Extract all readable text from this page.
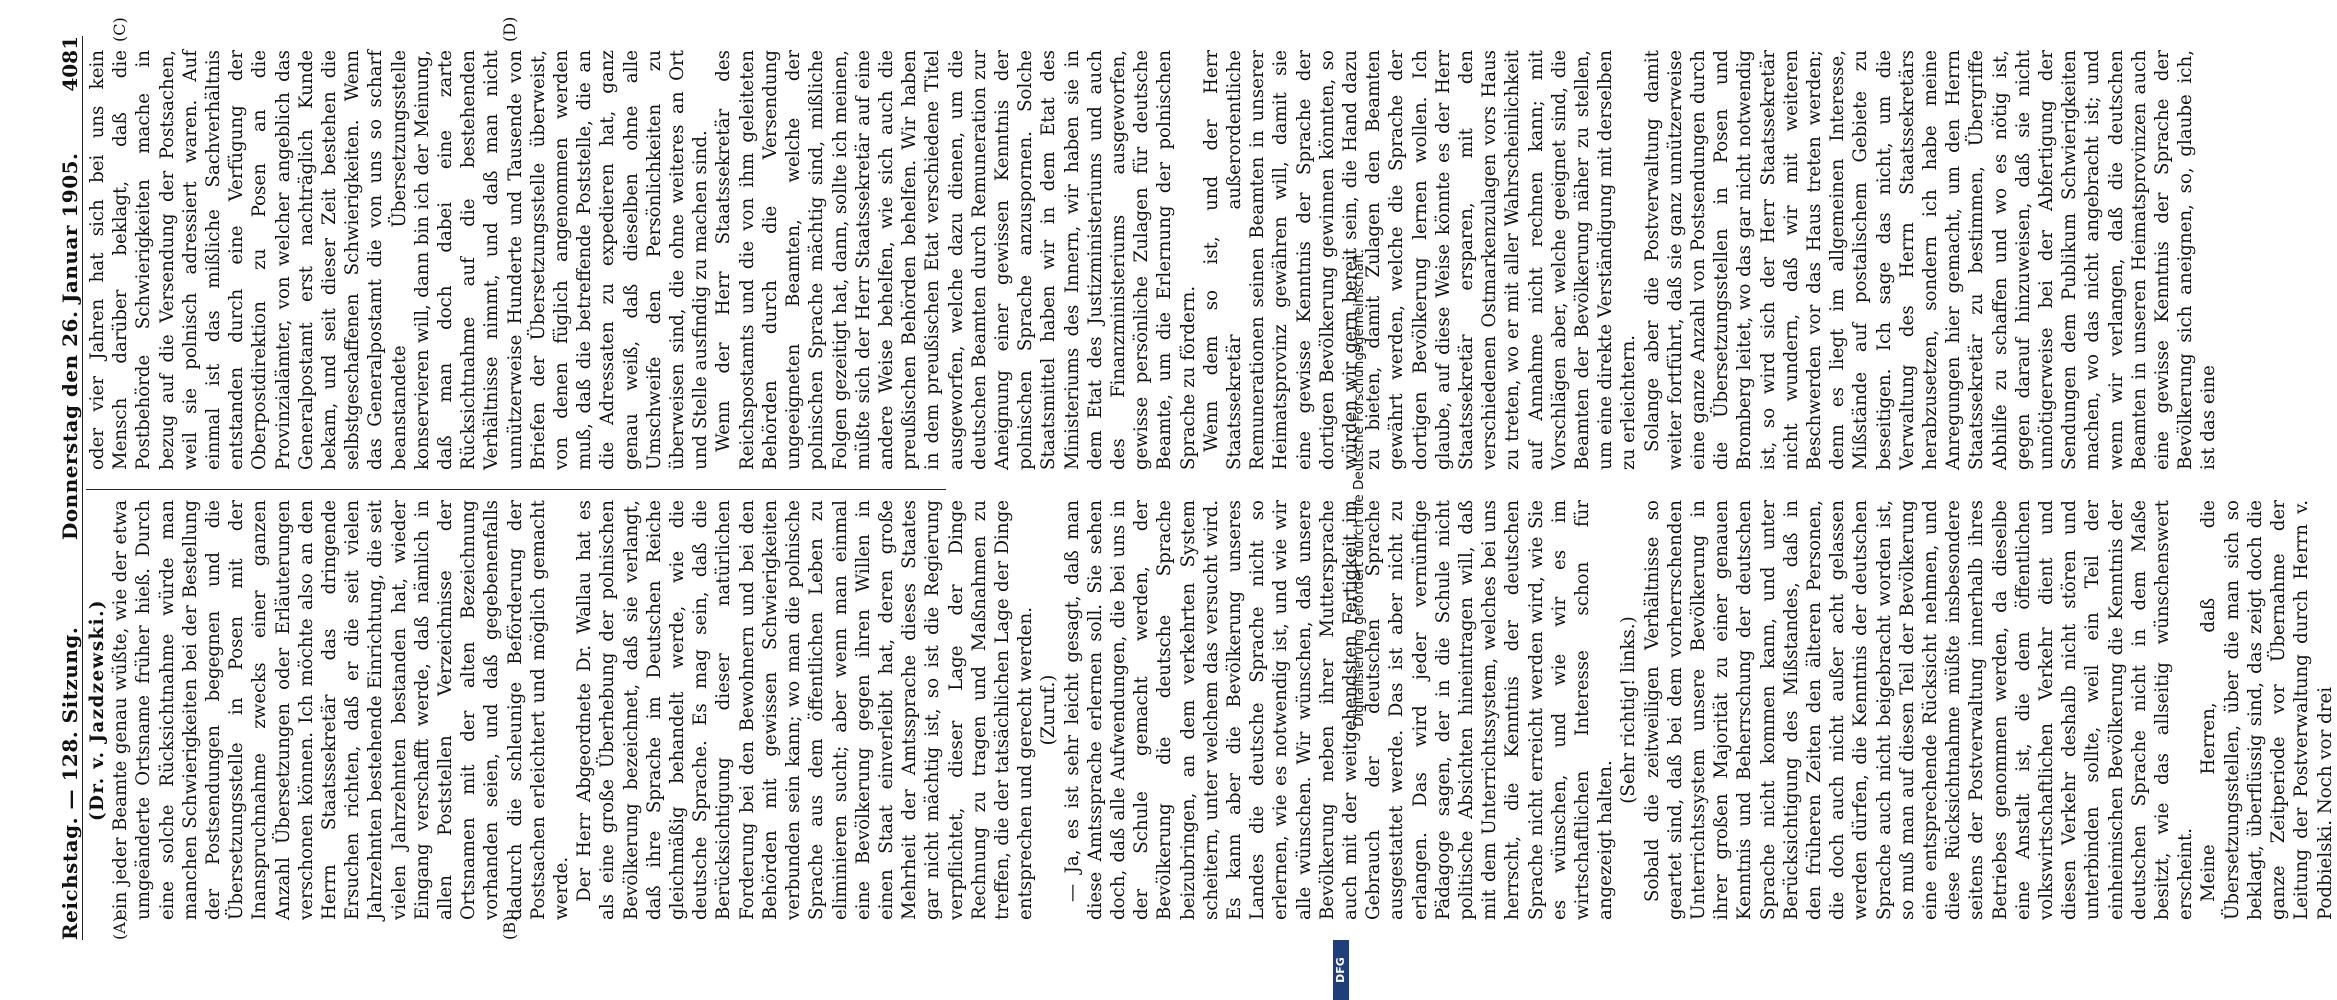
Reichstag. — 128. Sitzung.
Donnerstag den 26. Januar 1905.
4081

(Dr. v. Jazdzewski.) ein jeder Beamte genau wüßte, wie der etwa umgeänderte Ortsname früher hieß. Durch eine solche Rücksichtnahme würde man manchen Schwierigkeiten bei der Bestellung der Postsendungen begegnen und die Übersetzungsstelle in Posen mit der Inanspruchnahme zwecks einer ganzen Anzahl Übersetzungen oder Erläuterungen verschonen können. Ich möchte also an den Herrn Staatssekretär das dringende Ersuchen richten, daß er die seit vielen Jahrzehnten bestehende Einrichtung, die seit vielen Jahrzehnten bestanden hat, wieder Eingang verschafft werde, daß nämlich in allen Poststellen Verzeichnisse der Ortsnamen mit der alten Bezeichnung vorhanden seien, und daß gegebenenfalls dadurch die schleunige Beförderung der Postsachen erleichtert und möglich gemacht werde. Der Herr Abgeordnete Dr. Wallau hat es als eine große Überhebung der polnischen Bevölkerung bezeichnet, daß sie verlangt, daß ihre Sprache im Deutschen Reiche gleichmäßig behandelt werde, wie die deutsche Sprache. Es mag sein, daß die Berücksichtigung dieser natürlichen Forderung bei den Bewohnern und bei den Behörden mit gewissen Schwierigkeiten verbunden sein kann; wo man die polnische Sprache aus dem öffentlichen Leben zu eliminieren sucht; aber wenn man einmal eine Bevölkerung gegen ihren Willen in einen Staat einverleibt hat, deren große Mehrheit der Amtssprache dieses Staates gar nicht mächtig ist, so ist die Regierung verpflichtet, dieser Lage der Dinge Rechnung zu tragen und Maßnahmen zu treffen, die der tatsächlichen Lage der Dinge entsprechen und gerecht werden. (Zuruf.) — Ja, es ist sehr leicht gesagt, daß man diese Amtssprache erlernen soll. Sie sehen doch, daß alle Aufwendungen, die bei uns in der Schule gemacht werden, der Bevölkerung die deutsche Sprache beizubringen, an dem verkehrten System scheitern, unter welchem das versucht wird. Es kann aber die Bevölkerung unseres Landes die deutsche Sprache nicht so erlernen, wie es notwendig ist, und wie wir alle wünschen. Wir wünschen, daß unsere Bevölkerung neben ihrer Muttersprache auch mit der weitgehendsten Fertigkeit im Gebrauch der deutschen Sprache ausgestattet werde. Das ist aber nicht zu erlangen. Das wird jeder vernünftige Pädagoge sagen, der in die Schule nicht politische Absichten hineintragen will, daß mit dem Unterrichtssystem, welches bei uns herrscht, die Kenntnis der deutschen Sprache nicht erreicht werden wird, wie Sie es wünschen, und wie wir es im wirtschaftlichen Interesse schon für angezeigt halten.

(Sehr richtig! links.) Sobald die zeitweiligen Verhältnisse so geartet sind, daß bei dem vorherrschenden Unterrichtssystem unsere Bevölkerung in ihrer großen Majorität zu einer genauen Kenntnis und Beherrschung der deutschen Sprache nicht kommen kann, und unter Berücksichtigung des Mißstandes, daß in den früheren Zeiten den älteren Personen, die doch auch nicht außer acht gelassen werden dürfen, die Kenntnis der deutschen Sprache auch nicht beigebracht worden ist, so muß man auf diesen Teil der Bevölkerung eine entsprechende Rücksicht nehmen, und diese Rücksichtnahme müßte insbesondere seitens der Postverwaltung innerhalb ihres Betriebes genommen werden, da dieselbe eine Anstalt ist, die dem öffentlichen volkswirtschaftlichen Verkehr dient und diesen Verkehr deshalb nicht stören und unterbinden sollte, weil ein Teil der einheimischen Bevölkerung die Kenntnis der deutschen Sprache nicht in dem Maße besitzt, wie das allseitig wünschenswert erscheint. Meine Herren, daß die Übersetzungsstellen, über die man sich so beklagt, überflüssig sind, das zeigt doch die ganze Zeitperiode vor Übernahme der Leitung der Postverwaltung durch Herrn v. Podbielski. Noch vor drei

oder vier Jahren hat sich bei uns kein Mensch darüber beklagt, daß die Postbehörde Schwierigkeiten mache in bezug auf die Versendung der Postsachen, weil sie polnisch adressiert waren. Auf einmal ist das mißliche Sachverhältnis entstanden durch eine Verfügung der Oberpostdirektion zu Posen an die Provinzialämter, von welcher angeblich das Generalpostamt erst nachträglich Kunde bekam, und seit dieser Zeit bestehen die selbstgeschaffenen Schwierigkeiten. Wenn das Generalpostamt die von uns so scharf beanstandete Übersetzungsstelle konservieren will, dann bin ich der Meinung, daß man doch dabei eine zarte Rücksichtnahme auf die bestehenden Verhältnisse nimmt, und daß man nicht unnützerweise Hunderte und Tausende von Briefen der Übersetzungsstelle überweist, von denen füglich angenommen werden muß, daß die betreffende Poststelle, die an die Adressaten zu expedieren hat, ganz genau weiß, daß dieselben ohne alle Umschweife den Persönlichkeiten zu überweisen sind, die ohne weiteres an Ort und Stelle ausfindig zu machen sind. Wenn der Herr Staatssekretär des Reichspostamts und die von ihm geleiteten Behörden durch die Versendung ungeeigneten Beamten, welche der polnischen Sprache mächtig sind, mißliche Folgen gezeitigt hat, dann, sollte ich meinen, müßte sich der Herr Staatssekretär auf eine andere Weise behelfen, wie sich auch die preußischen Behörden behelfen. Wir haben in dem preußischen Etat verschiedene Titel ausgeworfen, welche dazu dienen, um die deutschen Beamten durch Remuneration zur Aneignung einer gewissen Kenntnis der polnischen Sprache anzuspornen. Solche Staatsmittel haben wir in dem Etat des Ministeriums des Innern, wir haben sie in dem Etat des Justizministeriums und auch des Finanzministeriums ausgeworfen, gewisse persönliche Zulagen für deutsche Beamte, um die Erlernung der polnischen Sprache zu fördern. Wenn dem so ist, und der Herr Staatssekretär außerordentliche Remunerationen seinen Beamten in unserer Heimatsprovinz gewähren will, damit sie eine gewisse Kenntnis der Sprache der dortigen Bevölkerung gewinnen könnten, so würden wir gern bereit sein, die Hand dazu zu bieten, damit Zulagen den Beamten gewährt werden, welche die Sprache der dortigen Bevölkerung lernen wollen. Ich glaube, auf diese Weise könnte es der Herr Staatssekretär ersparen, mit den verschiedenen Ostmarkenzulagen vors Haus zu treten, wo er mit aller Wahrscheinlichkeit auf Annahme nicht rechnen kann; mit Vorschlägen aber, welche geeignet sind, die Beamten der Bevölkerung näher zu stellen, um eine direkte Verständigung mit derselben zu erleichtern. Solange aber die Postverwaltung damit weiter fortführt, daß sie ganz unnützerweise eine ganze Anzahl von Postsendungen durch die Übersetzungsstellen in Posen und Bromberg leitet, wo das gar nicht notwendig ist, so wird sich der Herr Staatssekretär nicht wundern, daß wir mit weiteren Beschwerden vor das Haus treten werden; denn es liegt im allgemeinen Interesse, Mißstände auf postalischem Gebiete zu beseitigen. Ich sage das nicht, um die Verwaltung des Herrn Staatssekretärs herabzusetzen, sondern ich habe meine Anregungen hier gemacht, um den Herrn Staatssekretär zu bestimmen, Übergriffe Abhilfe zu schaffen und wo es nötig ist, gegen darauf hinzuweisen, daß sie nicht unnötigerweise bei der Abfertigung der Sendungen dem Publikum Schwierigkeiten machen, wo das nicht angebracht ist; und wenn wir verlangen, daß die deutschen Beamten in unseren Heimatsprovinzen auch eine gewisse Kenntnis der Sprache der Bevölkerung sich aneignen, so, glaube ich, ist das eine

(A)	(B)
(C)	(D)
Digitalisierung gefördert durch die Deutsche Forschungsgemeinschaft.
DFG
